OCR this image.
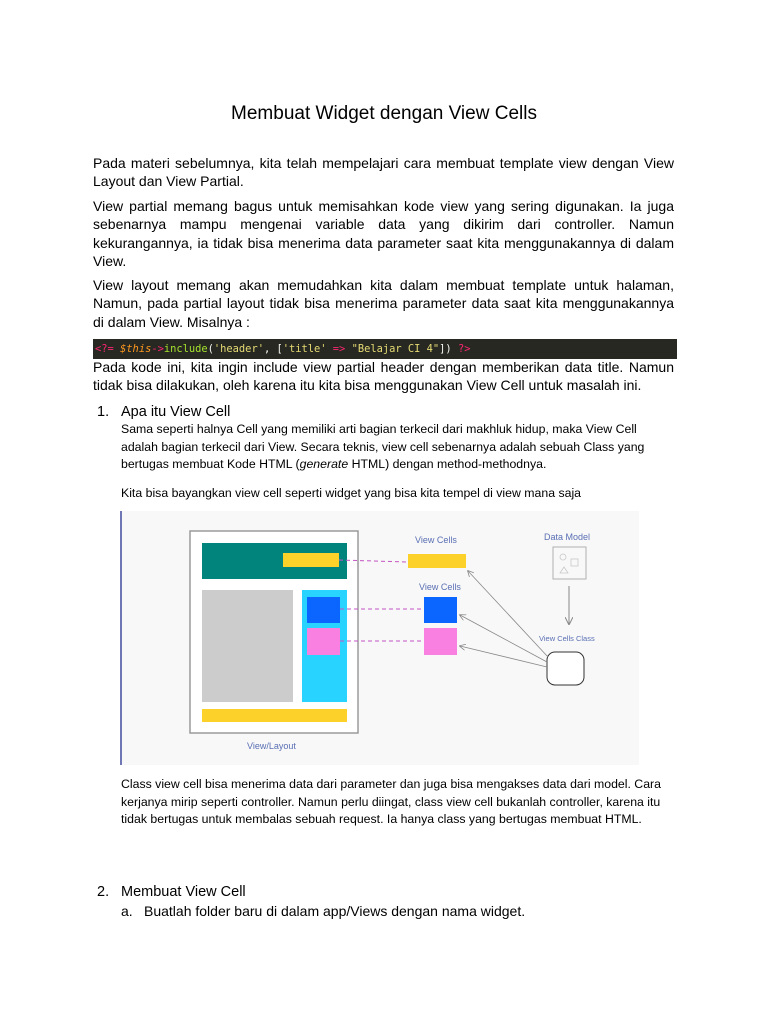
Membuat Widget dengan View Cells

Pada materi sebelumnya, kita telah mempelajari cara membuat template view dengan View Layout dan View Partial.

View partial memang bagus untuk memisahkan kode view yang sering digunakan. Ia juga sebenarnya mampu mengenai variable data yang dikirim dari controller. Namun kekurangannya, ia tidak bisa menerima data parameter saat kita menggunakannya di dalam View.

View layout memang akan memudahkan kita dalam membuat template untuk halaman, Namun, pada partial layout tidak bisa menerima parameter data saat kita menggunakannya di dalam View. Misalnya :

<?= $this->include('header', ['title' => "Belajar CI 4"]) ?>

Pada kode ini, kita ingin include view partial header dengan memberikan data title. Namun tidak bisa dilakukan, oleh karena itu kita bisa menggunakan View Cell untuk masalah ini.

1. Apa itu View Cell

Sama seperti halnya Cell yang memiliki arti bagian terkecil dari makhluk hidup, maka View Cell adalah bagian terkecil dari View. Secara teknis, view cell sebenarnya adalah sebuah Class yang bertugas membuat Kode HTML (generate HTML) dengan method-methodnya.

Kita bisa bayangkan view cell seperti widget yang bisa kita tempel di view mana saja

View Cells
View Cells
Data Model
View Cells Class
View/Layout

Class view cell bisa menerima data dari parameter dan juga bisa mengakses data dari model. Cara kerjanya mirip seperti controller. Namun perlu diingat, class view cell bukanlah controller, karena itu tidak bertugas untuk membalas sebuah request. Ia hanya class yang bertugas membuat HTML.

2. Membuat View Cell
a. Buatlah folder baru di dalam app/Views dengan nama widget.
